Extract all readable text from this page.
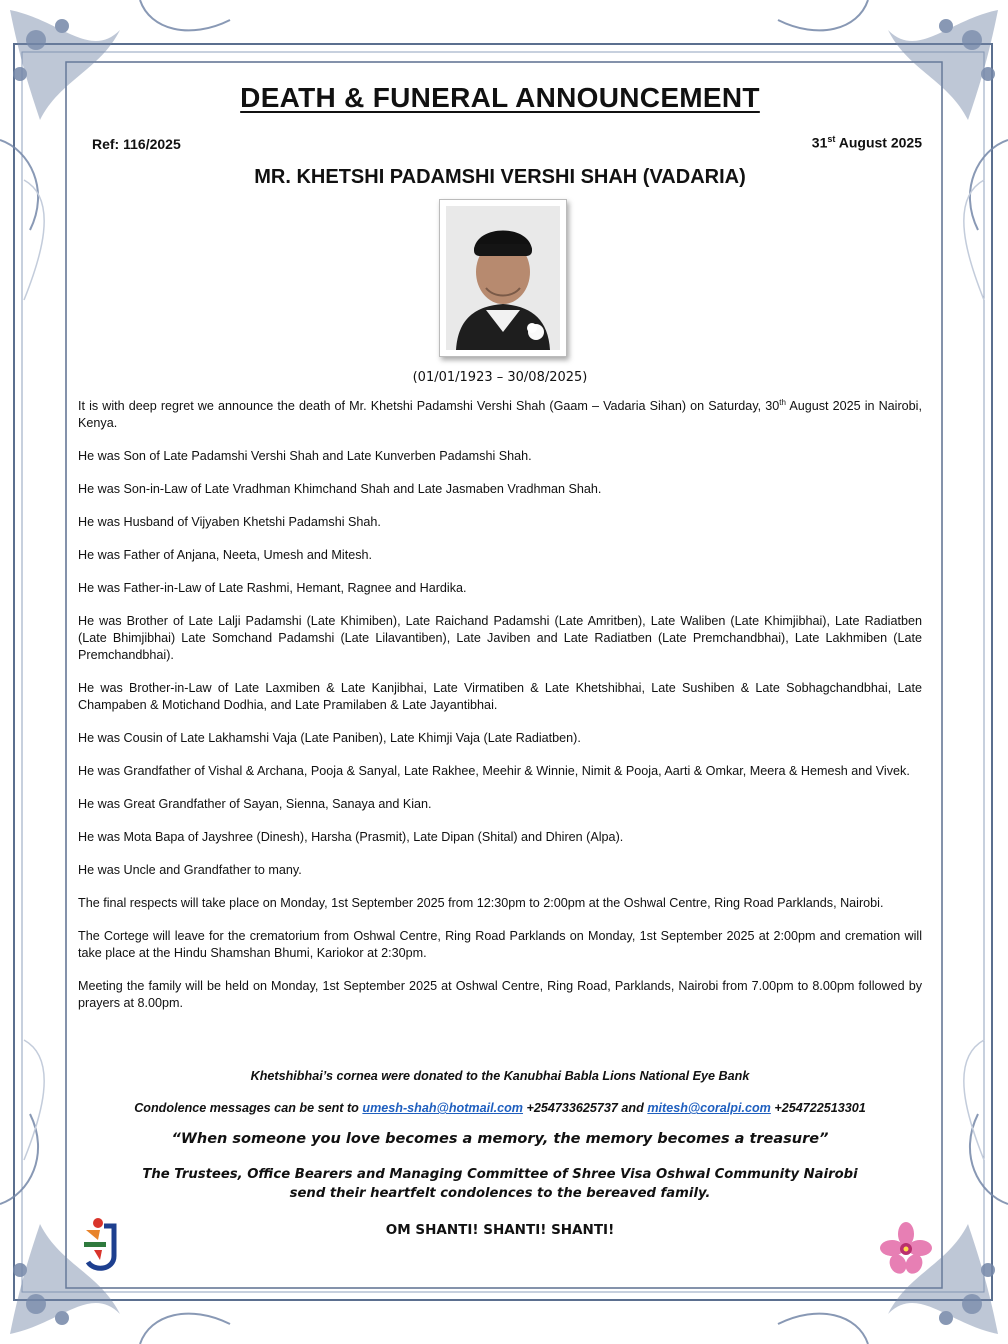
DEATH & FUNERAL ANNOUNCEMENT
Ref: 116/2025	31st August 2025
MR. KHETSHI PADAMSHI VERSHI SHAH (VADARIA)
(01/01/1923 – 30/08/2025)

It is with deep regret we announce the death of Mr. Khetshi Padamshi Vershi Shah (Gaam – Vadaria Sihan) on Saturday, 30th August 2025 in Nairobi, Kenya.

He was Son of Late Padamshi Vershi Shah and Late Kunverben Padamshi Shah.

He was Son-in-Law of Late Vradhman Khimchand Shah and Late Jasmaben Vradhman Shah.

He was Husband of Vijyaben Khetshi Padamshi Shah.

He was Father of Anjana, Neeta, Umesh and Mitesh.

He was Father-in-Law of Late Rashmi, Hemant, Ragnee and Hardika.

He was Brother of Late Lalji Padamshi (Late Khimiben), Late Raichand Padamshi (Late Amritben), Late Waliben (Late Khimjibhai), Late Radiatben (Late Bhimjibhai) Late Somchand Padamshi (Late Lilavantiben), Late Javiben and Late Radiatben (Late Premchandbhai), Late Lakhmiben (Late Premchandbhai).

He was Brother-in-Law of Late Laxmiben & Late Kanjibhai, Late Virmatiben & Late Khetshibhai, Late Sushiben & Late Sobhagchandbhai, Late Champaben & Motichand Dodhia, and Late Pramilaben & Late Jayantibhai.

He was Cousin of Late Lakhamshi Vaja (Late Paniben), Late Khimji Vaja (Late Radiatben).

He was Grandfather of Vishal & Archana, Pooja & Sanyal, Late Rakhee, Meehir & Winnie, Nimit & Pooja, Aarti & Omkar, Meera & Hemesh and Vivek.

He was Great Grandfather of Sayan, Sienna, Sanaya and Kian.

He was Mota Bapa of Jayshree (Dinesh), Harsha (Prasmit), Late Dipan (Shital) and Dhiren (Alpa).

He was Uncle and Grandfather to many.

The final respects will take place on Monday, 1st September 2025 from 12:30pm to 2:00pm at the Oshwal Centre, Ring Road Parklands, Nairobi.

The Cortege will leave for the crematorium from Oshwal Centre, Ring Road Parklands on Monday, 1st September 2025 at 2:00pm and cremation will take place at the Hindu Shamshan Bhumi, Kariokor at 2:30pm.

Meeting the family will be held on Monday, 1st September 2025 at Oshwal Centre, Ring Road, Parklands, Nairobi from 7.00pm to 8.00pm followed by prayers at 8.00pm.

Khetshibhai’s cornea were donated to the Kanubhai Babla Lions National Eye Bank
Condolence messages can be sent to umesh-shah@hotmail.com +254733625737 and mitesh@coralpi.com +254722513301
“When someone you love becomes a memory, the memory becomes a treasure”
The Trustees, Office Bearers and Managing Committee of Shree Visa Oshwal Community Nairobi
send their heartfelt condolences to the bereaved family.
OM SHANTI! SHANTI! SHANTI!
